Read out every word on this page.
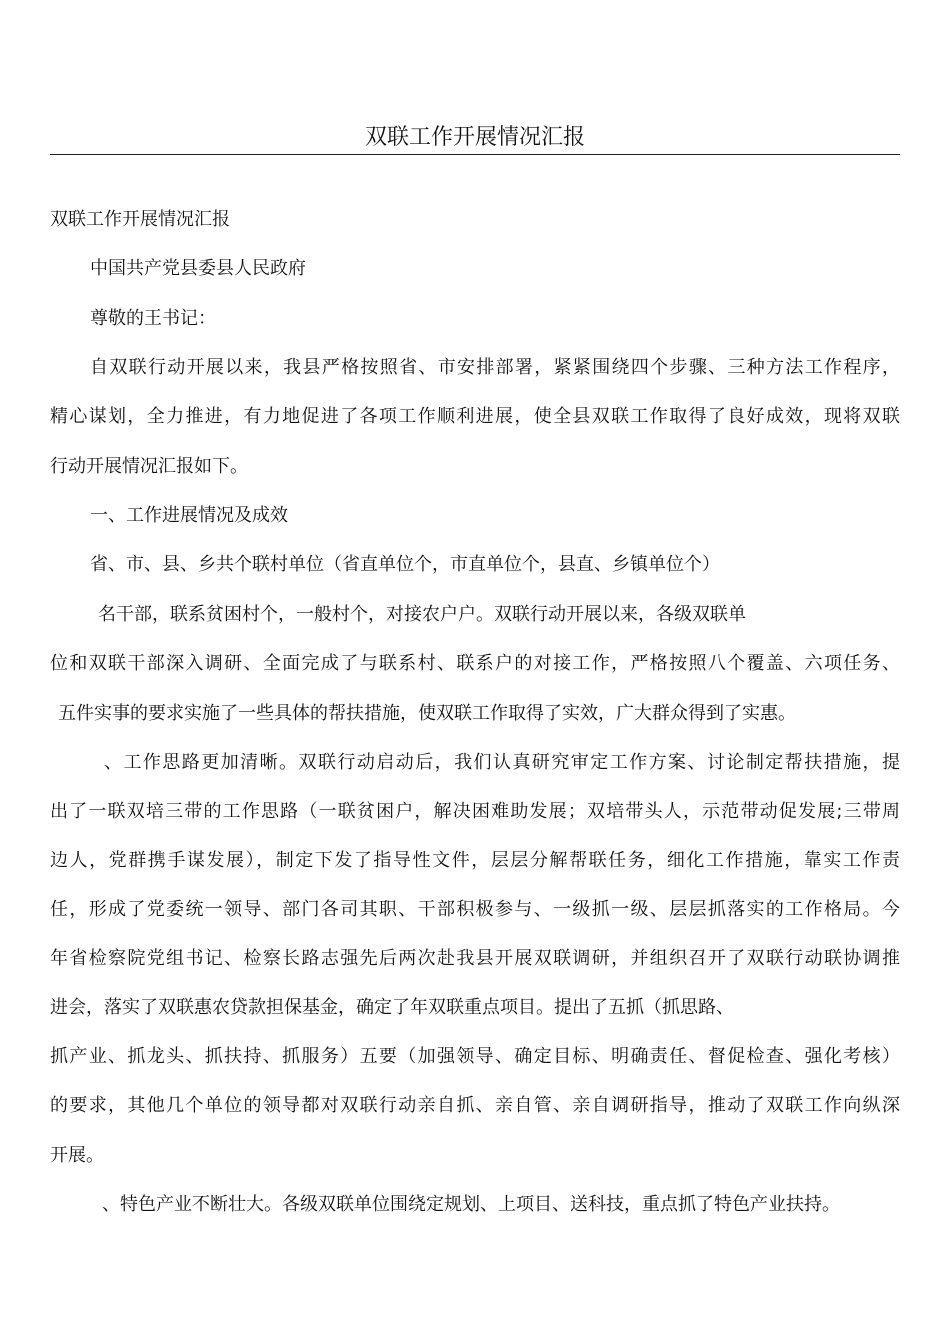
双联工作开展情况汇报
双联工作开展情况汇报
中国共产党县委县人民政府
尊敬的王书记：
自双联行动开展以来，我县严格按照省、市安排部署，紧紧围绕四个步骤、三种方法工作程序，
精心谋划，全力推进，有力地促进了各项工作顺利进展，使全县双联工作取得了良好成效，现将双联
行动开展情况汇报如下。
一、工作进展情况及成效
省、市、县、乡共个联村单位（省直单位个，市直单位个，县直、乡镇单位个）
名干部，联系贫困村个，一般村个，对接农户户。双联行动开展以来，各级双联单
位和双联干部深入调研、全面完成了与联系村、联系户的对接工作，严格按照八个覆盖、六项任务、
五件实事的要求实施了一些具体的帮扶措施，使双联工作取得了实效，广大群众得到了实惠。
、工作思路更加清晰。双联行动启动后，我们认真研究审定工作方案、讨论制定帮扶措施，提
出了一联双培三带的工作思路（一联贫困户，解决困难助发展；双培带头人，示范带动促发展;三带周
边人，党群携手谋发展），制定下发了指导性文件，层层分解帮联任务，细化工作措施，靠实工作责
任，形成了党委统一领导、部门各司其职、干部积极参与、一级抓一级、层层抓落实的工作格局。今
年省检察院党组书记、检察长路志强先后两次赴我县开展双联调研，并组织召开了双联行动联协调推
进会，落实了双联惠农贷款担保基金，确定了年双联重点项目。提出了五抓（抓思路、
抓产业、抓龙头、抓扶持、抓服务）五要（加强领导、确定目标、明确责任、督促检查、强化考核）
的要求，其他几个单位的领导都对双联行动亲自抓、亲自管、亲自调研指导，推动了双联工作向纵深
开展。
、特色产业不断壮大。各级双联单位围绕定规划、上项目、送科技，重点抓了特色产业扶持。
